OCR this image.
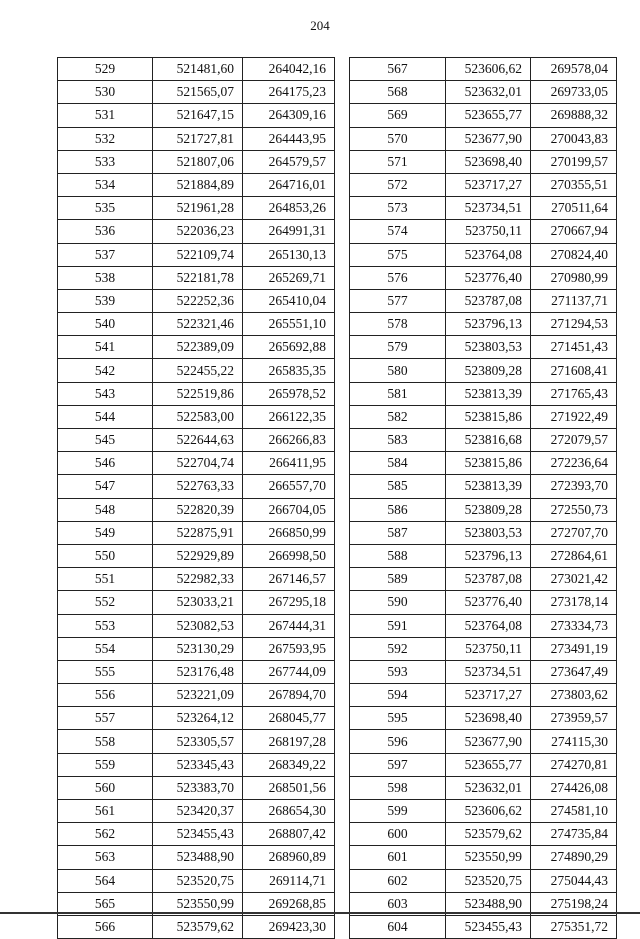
204
529	521481,60	264042,16
530	521565,07	264175,23
531	521647,15	264309,16
532	521727,81	264443,95
533	521807,06	264579,57
534	521884,89	264716,01
535	521961,28	264853,26
536	522036,23	264991,31
537	522109,74	265130,13
538	522181,78	265269,71
539	522252,36	265410,04
540	522321,46	265551,10
541	522389,09	265692,88
542	522455,22	265835,35
543	522519,86	265978,52
544	522583,00	266122,35
545	522644,63	266266,83
546	522704,74	266411,95
547	522763,33	266557,70
548	522820,39	266704,05
549	522875,91	266850,99
550	522929,89	266998,50
551	522982,33	267146,57
552	523033,21	267295,18
553	523082,53	267444,31
554	523130,29	267593,95
555	523176,48	267744,09
556	523221,09	267894,70
557	523264,12	268045,77
558	523305,57	268197,28
559	523345,43	268349,22
560	523383,70	268501,56
561	523420,37	268654,30
562	523455,43	268807,42
563	523488,90	268960,89
564	523520,75	269114,71
565	523550,99	269268,85
566	523579,62	269423,30
567	523606,62	269578,04
568	523632,01	269733,05
569	523655,77	269888,32
570	523677,90	270043,83
571	523698,40	270199,57
572	523717,27	270355,51
573	523734,51	270511,64
574	523750,11	270667,94
575	523764,08	270824,40
576	523776,40	270980,99
577	523787,08	271137,71
578	523796,13	271294,53
579	523803,53	271451,43
580	523809,28	271608,41
581	523813,39	271765,43
582	523815,86	271922,49
583	523816,68	272079,57
584	523815,86	272236,64
585	523813,39	272393,70
586	523809,28	272550,73
587	523803,53	272707,70
588	523796,13	272864,61
589	523787,08	273021,42
590	523776,40	273178,14
591	523764,08	273334,73
592	523750,11	273491,19
593	523734,51	273647,49
594	523717,27	273803,62
595	523698,40	273959,57
596	523677,90	274115,30
597	523655,77	274270,81
598	523632,01	274426,08
599	523606,62	274581,10
600	523579,62	274735,84
601	523550,99	274890,29
602	523520,75	275044,43
603	523488,90	275198,24
604	523455,43	275351,72
